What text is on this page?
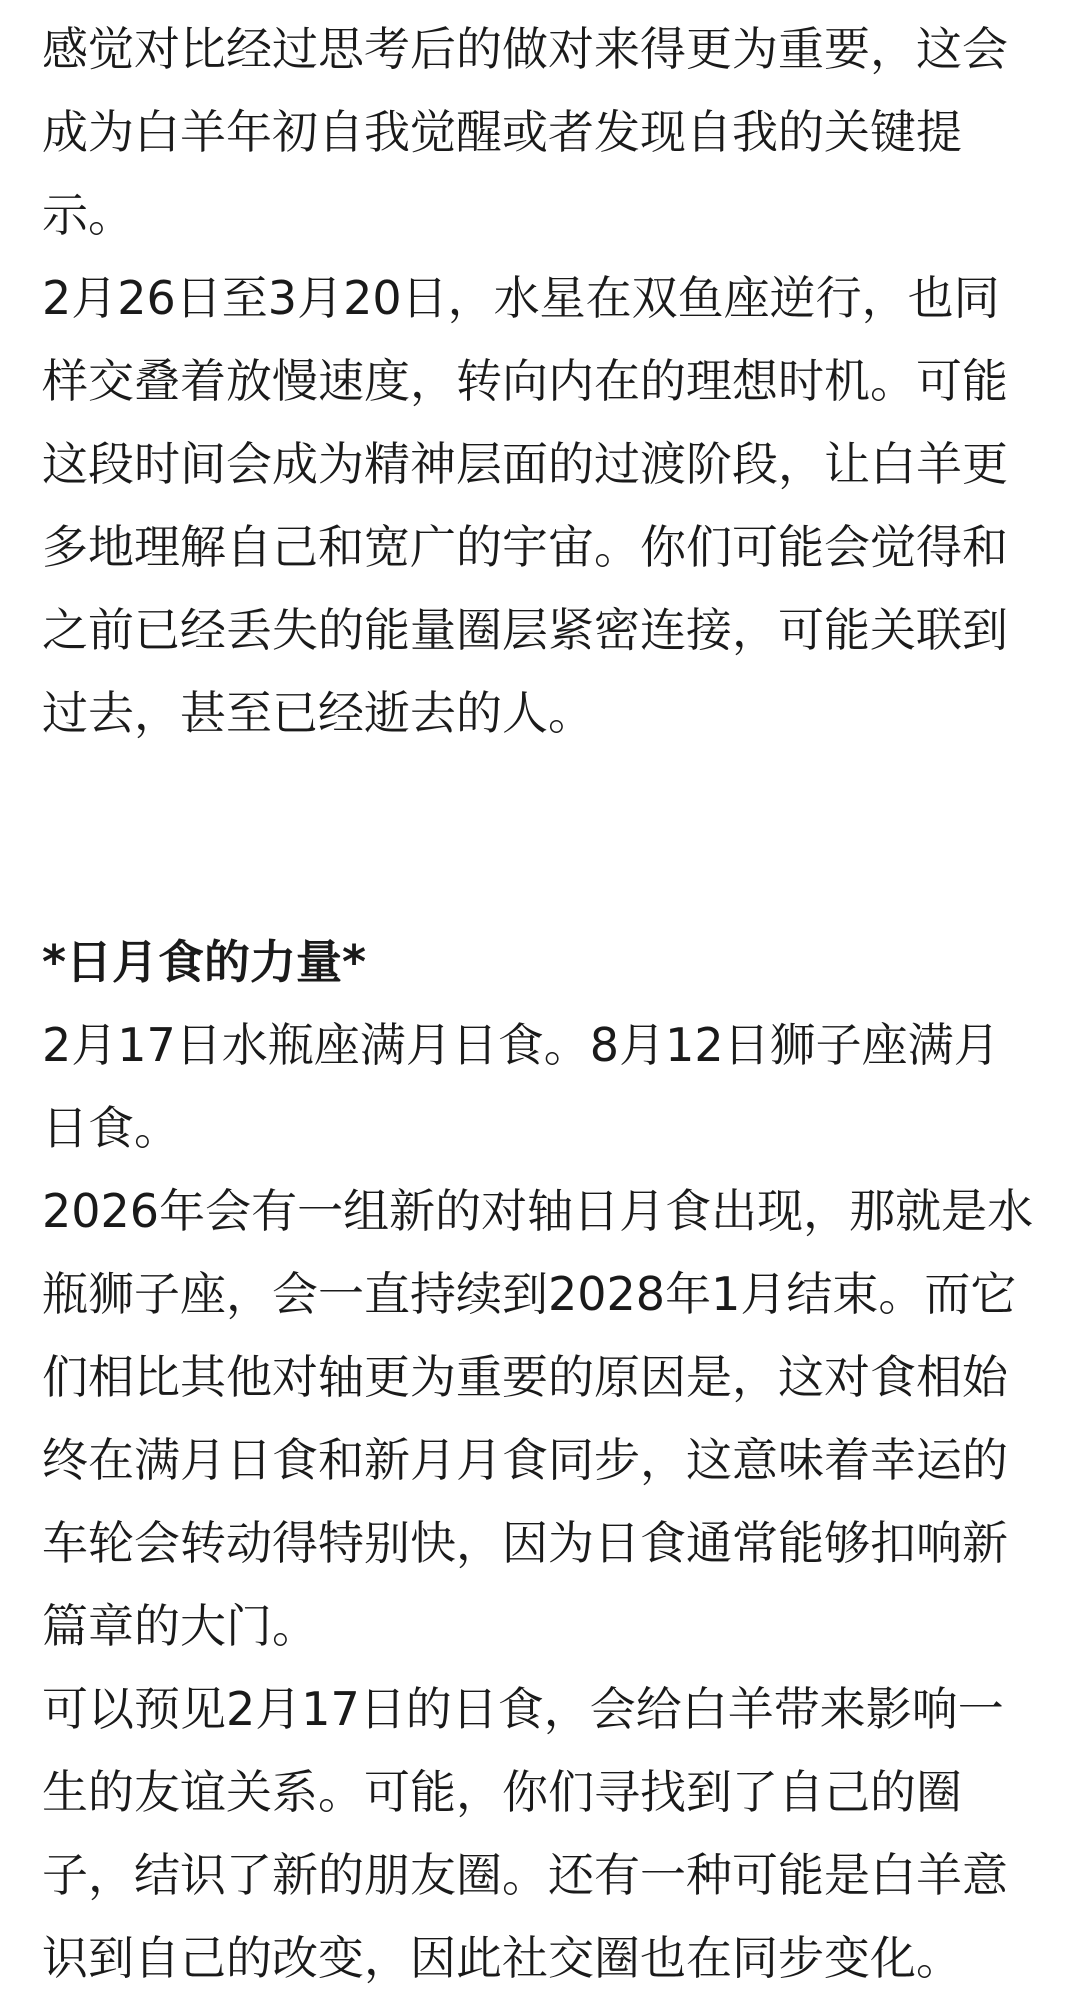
感觉对比经过思考后的做对来得更为重要，这会成为白羊年初自我觉醒或者发现自我的关键提示。

2月26日至3月20日，水星在双鱼座逆行，也同样交叠着放慢速度，转向内在的理想时机。可能这段时间会成为精神层面的过渡阶段，让白羊更多地理解自己和宽广的宇宙。你们可能会觉得和之前已经丢失的能量圈层紧密连接，可能关联到过去，甚至已经逝去的人。

*日月食的力量*

2月17日水瓶座满月日食。8月12日狮子座满月日食。

2026年会有一组新的对轴日月食出现，那就是水瓶狮子座，会一直持续到2028年1月结束。而它们相比其他对轴更为重要的原因是，这对食相始终在满月日食和新月月食同步，这意味着幸运的车轮会转动得特别快，因为日食通常能够扣响新篇章的大门。

可以预见2月17日的日食，会给白羊带来影响一生的友谊关系。可能，你们寻找到了自己的圈子，结识了新的朋友圈。还有一种可能是白羊意识到自己的改变，因此社交圈也在同步变化。
